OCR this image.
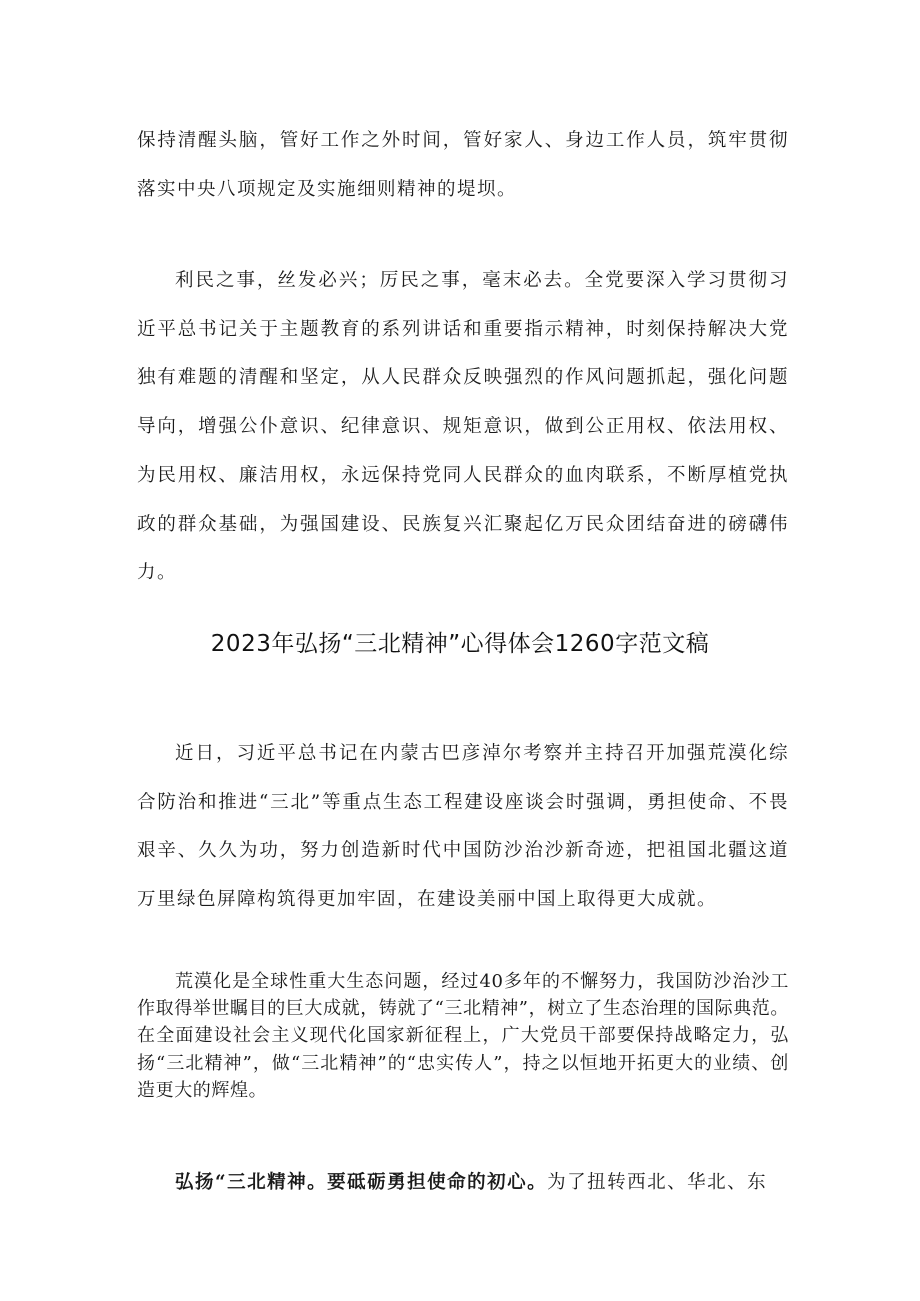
保持清醒头脑，管好工作之外时间，管好家人、身边工作人员，筑牢贯彻落实中央八项规定及实施细则精神的堤坝。

利民之事，丝发必兴；厉民之事，毫末必去。全党要深入学习贯彻习近平总书记关于主题教育的系列讲话和重要指示精神，时刻保持解决大党独有难题的清醒和坚定，从人民群众反映强烈的作风问题抓起，强化问题导向，增强公仆意识、纪律意识、规矩意识，做到公正用权、依法用权、为民用权、廉洁用权，永远保持党同人民群众的血肉联系，不断厚植党执政的群众基础，为强国建设、民族复兴汇聚起亿万民众团结奋进的磅礴伟力。

2023年弘扬“三北精神”心得体会1260字范文稿

近日，习近平总书记在内蒙古巴彦淖尔考察并主持召开加强荒漠化综合防治和推进“三北”等重点生态工程建设座谈会时强调，勇担使命、不畏艰辛、久久为功，努力创造新时代中国防沙治沙新奇迹，把祖国北疆这道万里绿色屏障构筑得更加牢固，在建设美丽中国上取得更大成就。

荒漠化是全球性重大生态问题，经过40多年的不懈努力，我国防沙治沙工作取得举世瞩目的巨大成就，铸就了“三北精神”，树立了生态治理的国际典范。在全面建设社会主义现代化国家新征程上，广大党员干部要保持战略定力，弘扬“三北精神”，做“三北精神”的“忠实传人”，持之以恒地开拓更大的业绩、创造更大的辉煌。

弘扬“三北精神。要砥砺勇担使命的初心。为了扭转西北、华北、东
